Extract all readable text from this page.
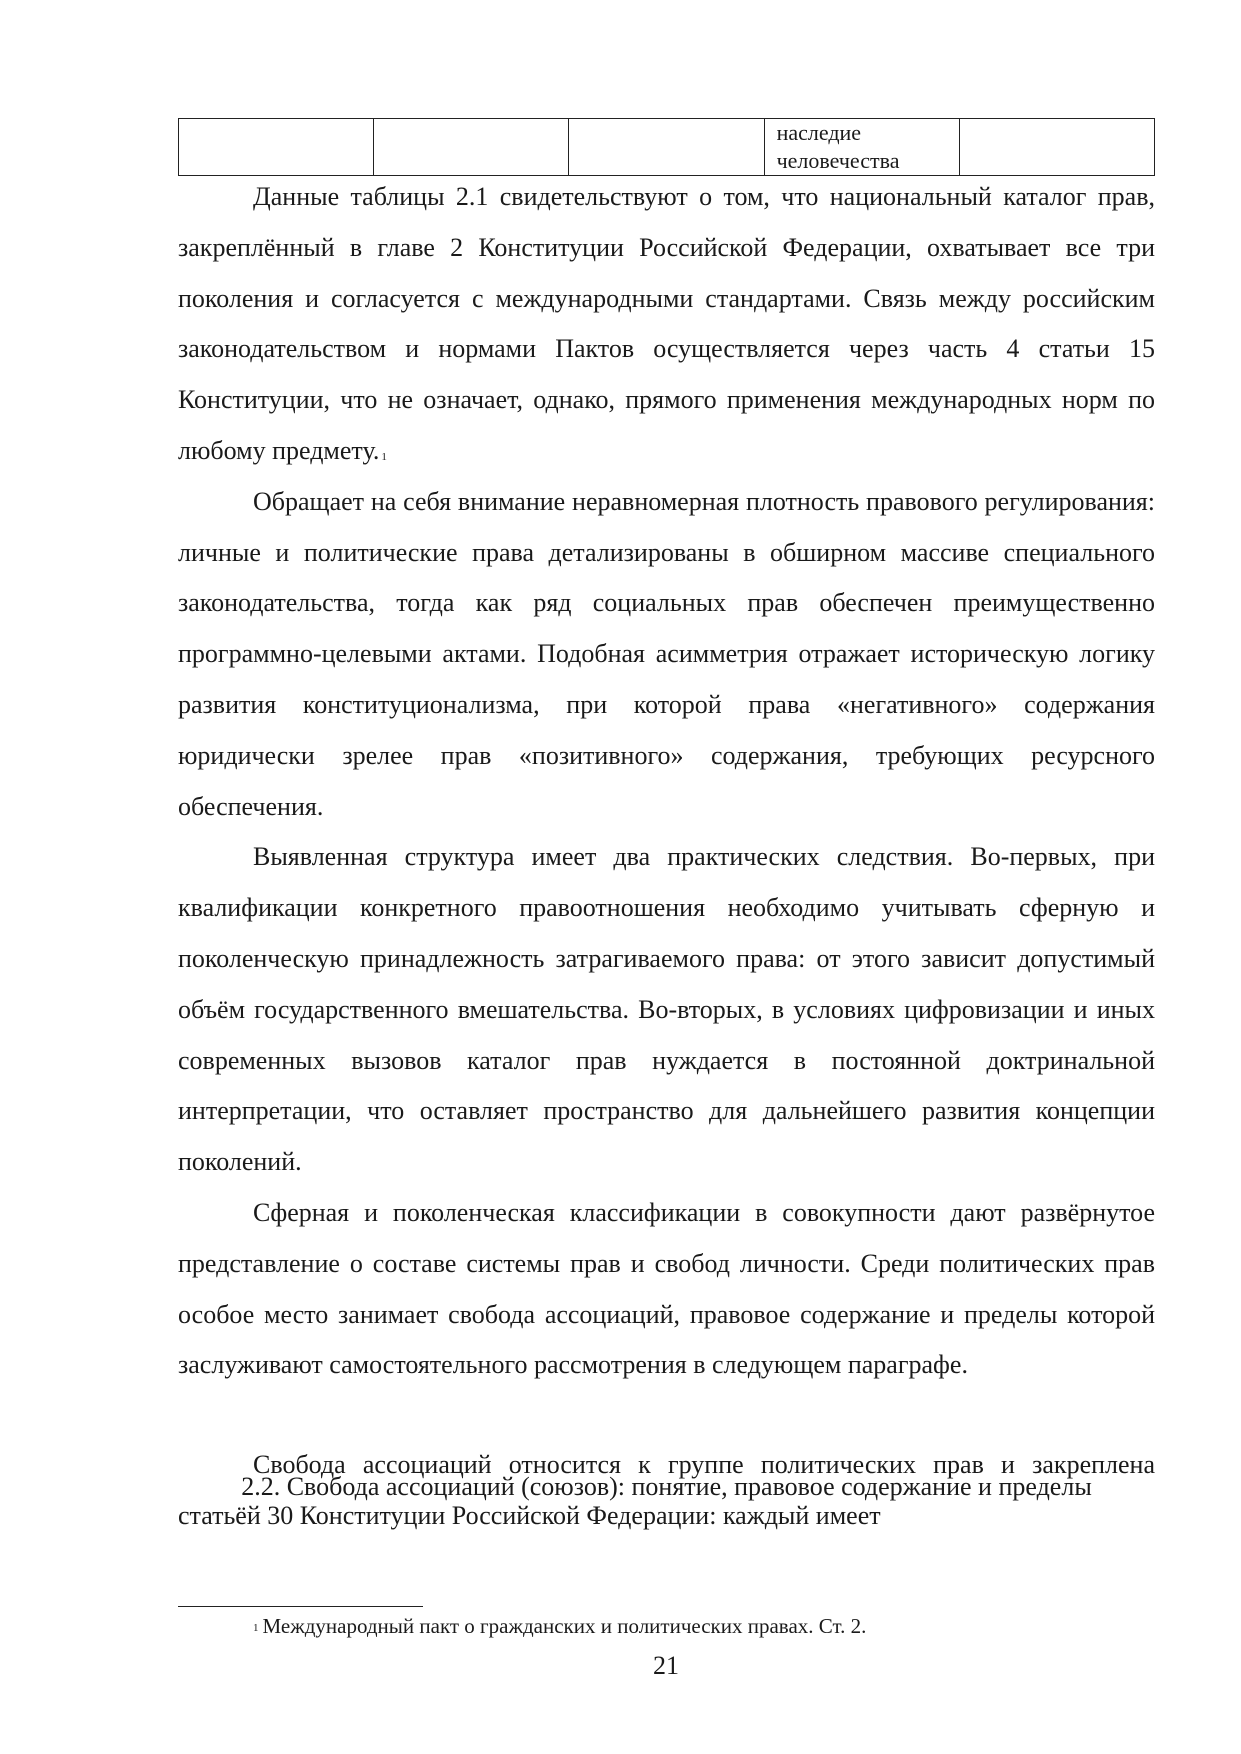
			наследие человечества	

Данные таблицы 2.1 свидетельствуют о том, что национальный каталог прав, закреплённый в главе 2 Конституции Российской Федерации, охватывает все три поколения и согласуется с международными стандартами. Связь между российским законодательством и нормами Пактов осуществляется через часть 4 статьи 15 Конституции, что не означает, однако, прямого применения международных норм по любому предмету. $^1$

Обращает на себя внимание неравномерная плотность правового регулирования: личные и политические права детализированы в обширном массиве специального законодательства, тогда как ряд социальных прав обеспечен преимущественно программно-целевыми актами. Подобная асимметрия отражает историческую логику развития конституционализма, при которой права «негативного» содержания юридически зрелее прав «позитивного» содержания, требующих ресурсного обеспечения.

Выявленная структура имеет два практических следствия. Во-первых, при квалификации конкретного правоотношения необходимо учитывать сферную и поколенческую принадлежность затрагиваемого права: от этого зависит допустимый объём государственного вмешательства. Во-вторых, в условиях цифровизации и иных современных вызовов каталог прав нуждается в постоянной доктринальной интерпретации, что оставляет пространство для дальнейшего развития концепции поколений.

Сферная и поколенческая классификации в совокупности дают развёрнутое представление о составе системы прав и свобод личности. Среди политических прав особое место занимает свобода ассоциаций, правовое содержание и пределы которой заслуживают самостоятельного рассмотрения в следующем параграфе.

2.2. Свобода ассоциаций (союзов): понятие, правовое содержание и пределы

Свобода ассоциаций относится к группе политических прав и закреплена статьёй 30 Конституции Российской Федерации: каждый имеет

$^1$ Международный пакт о гражданских и политических правах. Ст. 2.

21
